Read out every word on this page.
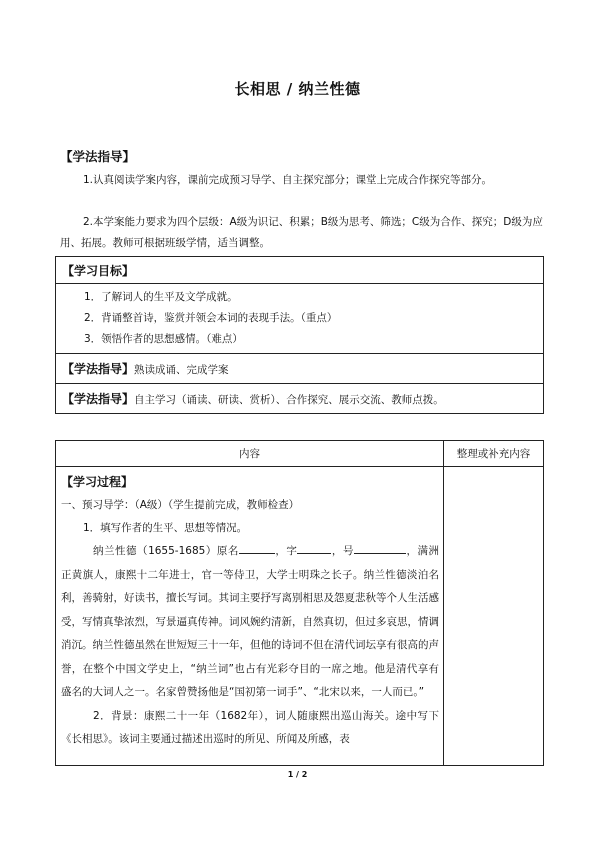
长相思 / 纳兰性德
【学法指导】
1.认真阅读学案内容，课前完成预习导学、自主探究部分；课堂上完成合作探究等部分。
2.本学案能力要求为四个层级：A级为识记、积累；B级为思考、筛选；C级为合作、探究；D级为应用、拓展。教师可根据班级学情，适当调整。
【学习目标】

1．了解词人的生平及文学成就。
2．背诵整首诗，鉴赏并领会本词的表现手法。（重点）
3．领悟作者的思想感情。（难点）

【学法指导】熟读成诵、完成学案
【学法指导】自主学习（诵读、研读、赏析）、合作探究、展示交流、教师点拨。
内容	整理或补充内容

【学习过程】
一、预习导学：（A级）（学生提前完成，教师检查）
1．填写作者的生平、思想等情况。
纳兰性德（1655-1685）原名 ，字 ，号 ，满洲正黄旗人，康熙十二年进士，官一等侍卫，大学士明珠之长子。纳兰性德淡泊名利，善骑射，好读书，擅长写词。其词主要抒写离别相思及怨夏悲秋等个人生活感受，写情真挚浓烈，写景逼真传神。词风婉约清新，自然真切，但过多哀思，情调消沉。纳兰性德虽然在世短短三十一年，但他的诗词不但在清代词坛享有很高的声誉，在整个中国文学史上，“纳兰词”也占有光彩夺目的一席之地。他是清代享有盛名的大词人之一。名家曾赞扬他是“国初第一词手”、“北宋以来，一人而已。”
2．背景：康熙二十一年（1682年），词人随康熙出巡山海关。途中写下《长相思》。该词主要通过描述出巡时的所见、所闻及所感，表	

1 / 2
